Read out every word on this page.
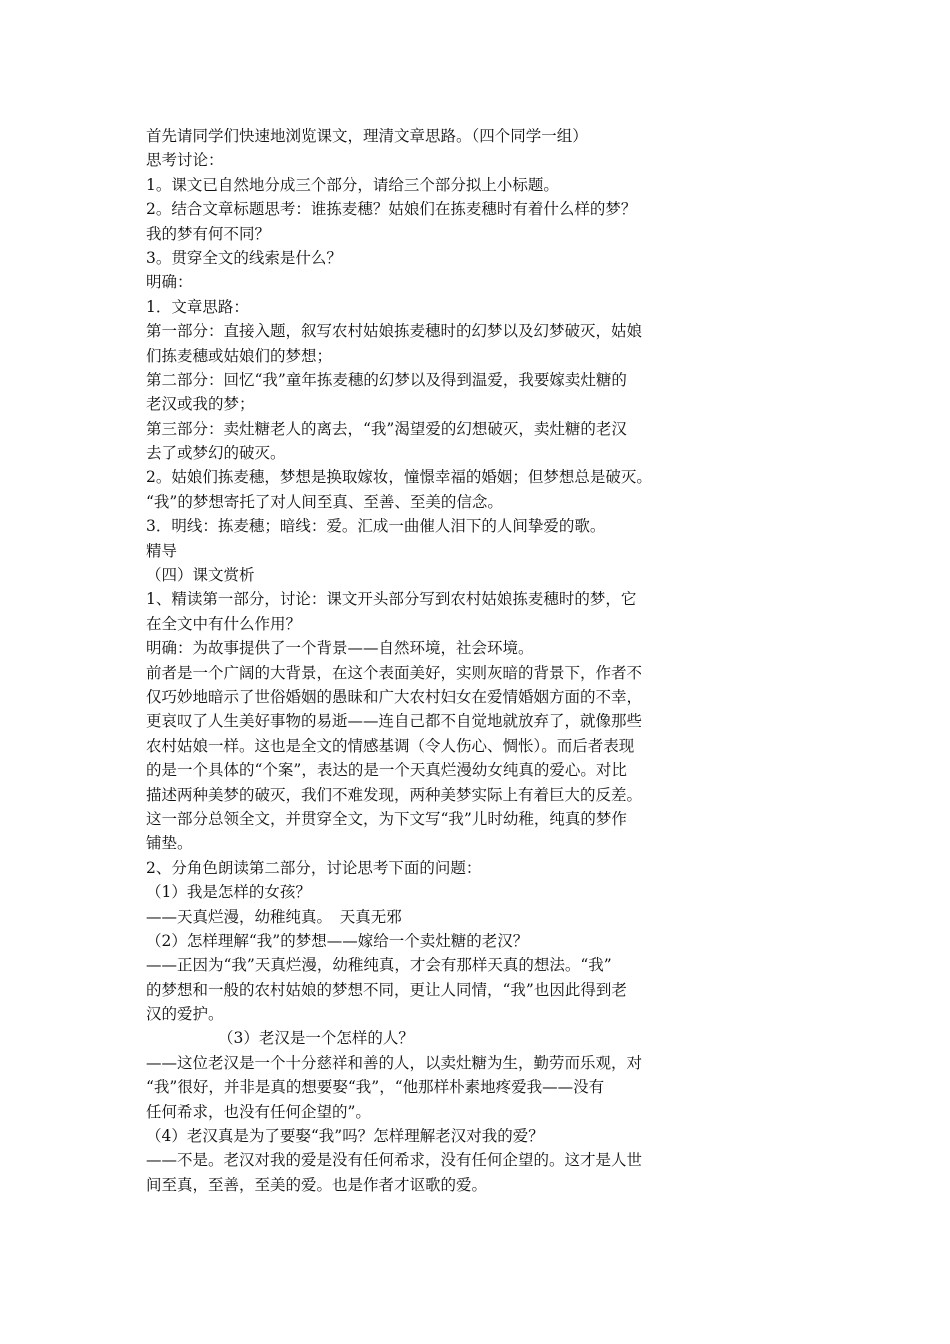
首先请同学们快速地浏览课文，理清文章思路。（四个同学一组）
思考讨论：
1。课文已自然地分成三个部分，请给三个部分拟上小标题。
2。结合文章标题思考：谁拣麦穗？姑娘们在拣麦穗时有着什么样的梦？
我的梦有何不同？
3。贯穿全文的线索是什么？
明确：
1．文章思路：
第一部分：直接入题，叙写农村姑娘拣麦穗时的幻梦以及幻梦破灭，姑娘
们拣麦穗或姑娘们的梦想；
第二部分：回忆“我”童年拣麦穗的幻梦以及得到温爱，我要嫁卖灶糖的
老汉或我的梦；
第三部分：卖灶糖老人的离去，“我”渴望爱的幻想破灭，卖灶糖的老汉
去了或梦幻的破灭。
2。姑娘们拣麦穗，梦想是换取嫁妆，憧憬幸福的婚姻；但梦想总是破灭。
“我”的梦想寄托了对人间至真、至善、至美的信念。
3．明线：拣麦穗；暗线：爱。汇成一曲催人泪下的人间挚爱的歌。
精导
（四）课文赏析
1、精读第一部分，讨论：课文开头部分写到农村姑娘拣麦穗时的梦，它
在全文中有什么作用？
明确：为故事提供了一个背景——自然环境，社会环境。
前者是一个广阔的大背景，在这个表面美好，实则灰暗的背景下，作者不
仅巧妙地暗示了世俗婚姻的愚昧和广大农村妇女在爱情婚姻方面的不幸，
更哀叹了人生美好事物的易逝——连自己都不自觉地就放弃了，就像那些
农村姑娘一样。这也是全文的情感基调（令人伤心、惆怅）。而后者表现
的是一个具体的“个案”，表达的是一个天真烂漫幼女纯真的爱心。对比
描述两种美梦的破灭，我们不难发现，两种美梦实际上有着巨大的反差。
这一部分总领全文，并贯穿全文，为下文写“我”儿时幼稚，纯真的梦作
铺垫。
2、分角色朗读第二部分，讨论思考下面的问题：
（1）我是怎样的女孩？
——天真烂漫，幼稚纯真。　天真无邪
（2）怎样理解“我”的梦想——嫁给一个卖灶糖的老汉？
——正因为“我”天真烂漫，幼稚纯真，才会有那样天真的想法。“我”
的梦想和一般的农村姑娘的梦想不同，更让人同情，“我”也因此得到老
汉的爱护。
（3）老汉是一个怎样的人？
——这位老汉是一个十分慈祥和善的人，以卖灶糖为生，勤劳而乐观，对
“我”很好，并非是真的想要娶“我”，“他那样朴素地疼爱我——没有
任何希求，也没有任何企望的”。
（4）老汉真是为了要娶“我”吗？怎样理解老汉对我的爱？
——不是。老汉对我的爱是没有任何希求，没有任何企望的。这才是人世
间至真，至善，至美的爱。也是作者才讴歌的爱。
